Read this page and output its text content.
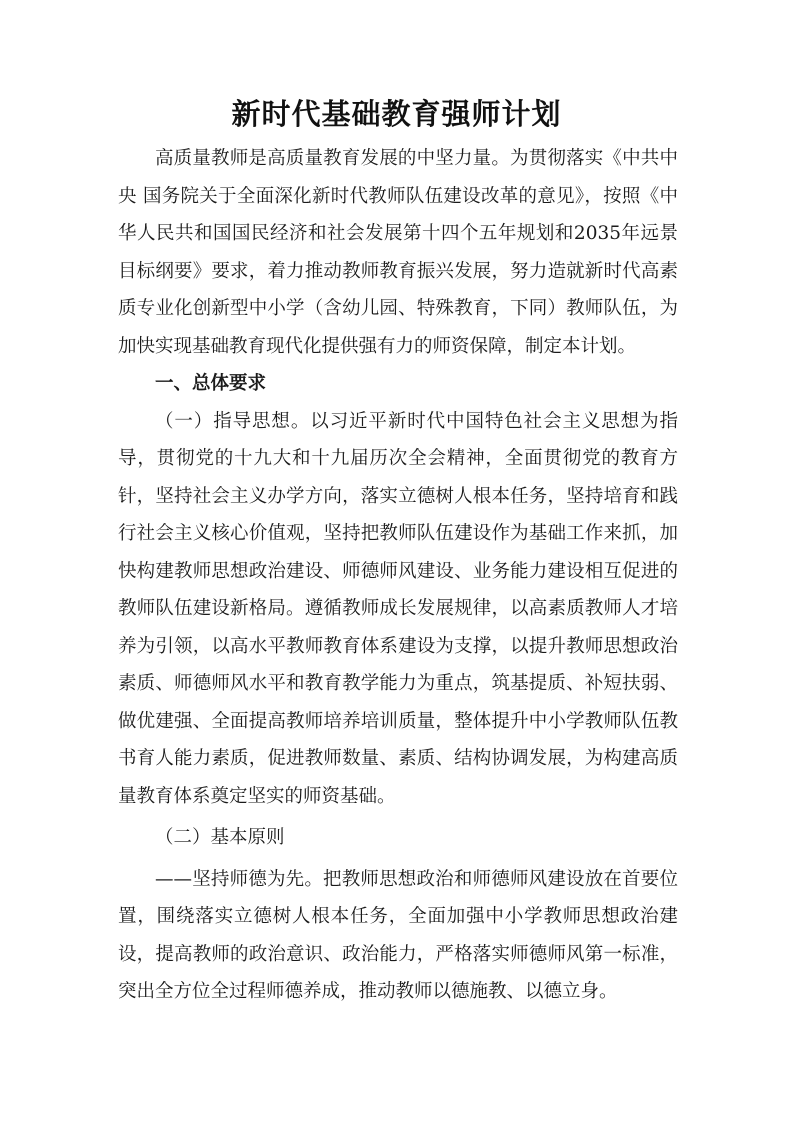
新时代基础教育强师计划

高质量教师是高质量教育发展的中坚力量。为贯彻落实《中共中央 国务院关于全面深化新时代教师队伍建设改革的意见》，按照《中华人民共和国国民经济和社会发展第十四个五年规划和2035年远景目标纲要》要求，着力推动教师教育振兴发展，努力造就新时代高素质专业化创新型中小学（含幼儿园、特殊教育，下同）教师队伍，为加快实现基础教育现代化提供强有力的师资保障，制定本计划。

一、总体要求

（一）指导思想。以习近平新时代中国特色社会主义思想为指导，贯彻党的十九大和十九届历次全会精神，全面贯彻党的教育方针，坚持社会主义办学方向，落实立德树人根本任务，坚持培育和践行社会主义核心价值观，坚持把教师队伍建设作为基础工作来抓，加快构建教师思想政治建设、师德师风建设、业务能力建设相互促进的教师队伍建设新格局。遵循教师成长发展规律，以高素质教师人才培养为引领，以高水平教师教育体系建设为支撑，以提升教师思想政治素质、师德师风水平和教育教学能力为重点，筑基提质、补短扶弱、做优建强、全面提高教师培养培训质量，整体提升中小学教师队伍教书育人能力素质，促进教师数量、素质、结构协调发展，为构建高质量教育体系奠定坚实的师资基础。

（二）基本原则

——坚持师德为先。把教师思想政治和师德师风建设放在首要位置，围绕落实立德树人根本任务，全面加强中小学教师思想政治建设，提高教师的政治意识、政治能力，严格落实师德师风第一标准，突出全方位全过程师德养成，推动教师以德施教、以德立身。
